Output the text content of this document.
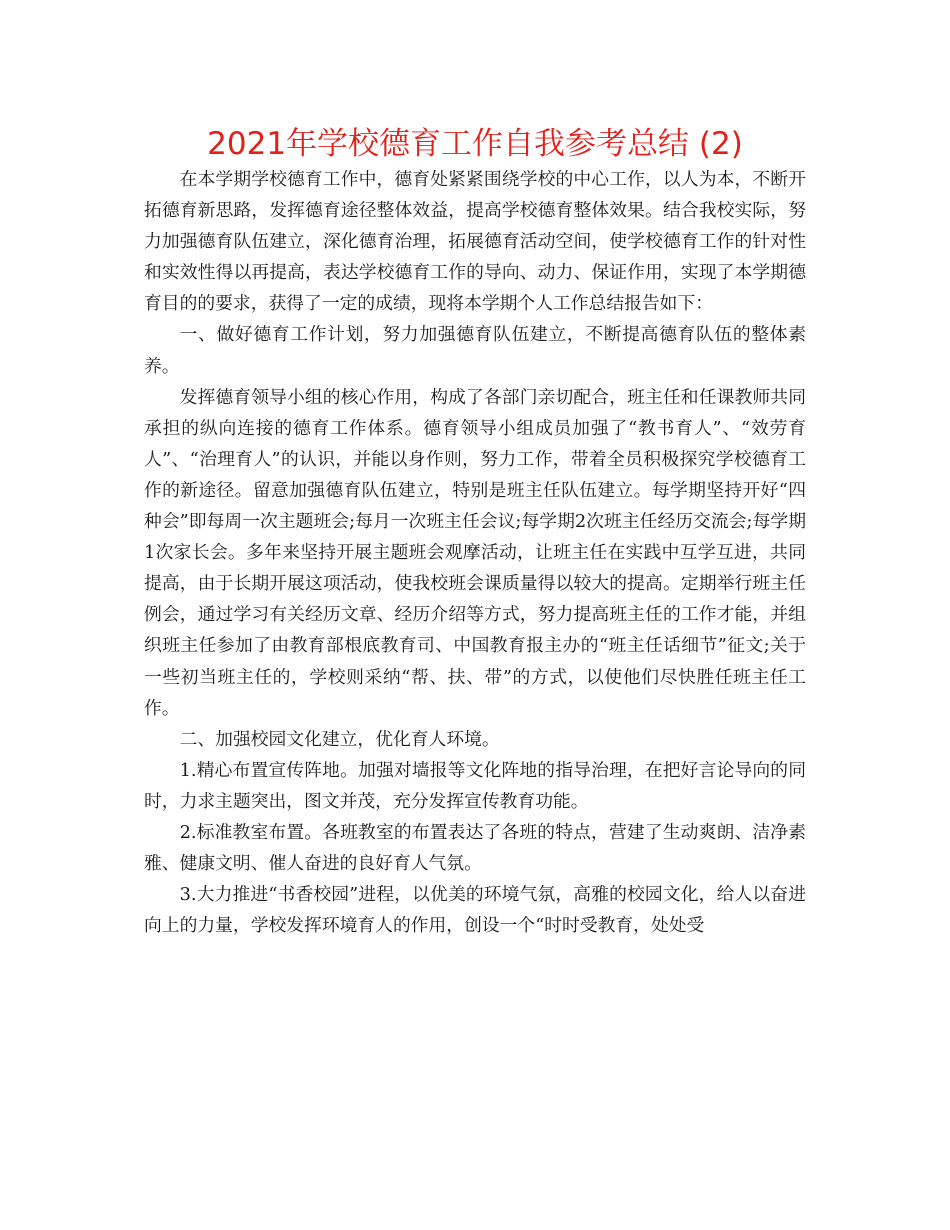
2021年学校德育工作自我参考总结 (2)

在本学期学校德育工作中，德育处紧紧围绕学校的中心工作，以人为本，不断开拓德育新思路，发挥德育途径整体效益，提高学校德育整体效果。结合我校实际，努力加强德育队伍建立，深化德育治理，拓展德育活动空间，使学校德育工作的针对性和实效性得以再提高，表达学校德育工作的导向、动力、保证作用，实现了本学期德育目的的要求，获得了一定的成绩，现将本学期个人工作总结报告如下：

一、做好德育工作计划，努力加强德育队伍建立，不断提高德育队伍的整体素养。

发挥德育领导小组的核心作用，构成了各部门亲切配合，班主任和任课教师共同承担的纵向连接的德育工作体系。德育领导小组成员加强了“教书育人”、“效劳育人”、“治理育人”的认识，并能以身作则，努力工作，带着全员积极探究学校德育工作的新途径。留意加强德育队伍建立，特别是班主任队伍建立。每学期坚持开好“四种会”即每周一次主题班会;每月一次班主任会议;每学期2次班主任经历交流会;每学期1次家长会。多年来坚持开展主题班会观摩活动，让班主任在实践中互学互进，共同提高，由于长期开展这项活动，使我校班会课质量得以较大的提高。定期举行班主任例会，通过学习有关经历文章、经历介绍等方式，努力提高班主任的工作才能，并组织班主任参加了由教育部根底教育司、中国教育报主办的“班主任话细节”征文;关于一些初当班主任的，学校则采纳“帮、扶、带”的方式，以使他们尽快胜任班主任工作。

二、加强校园文化建立，优化育人环境。

1.精心布置宣传阵地。加强对墙报等文化阵地的指导治理，在把好言论导向的同时，力求主题突出，图文并茂，充分发挥宣传教育功能。

2.标准教室布置。各班教室的布置表达了各班的特点，营建了生动爽朗、洁净素雅、健康文明、催人奋进的良好育人气氛。

3.大力推进“书香校园”进程，以优美的环境气氛，高雅的校园文化，给人以奋进向上的力量，学校发挥环境育人的作用，创设一个“时时受教育，处处受
